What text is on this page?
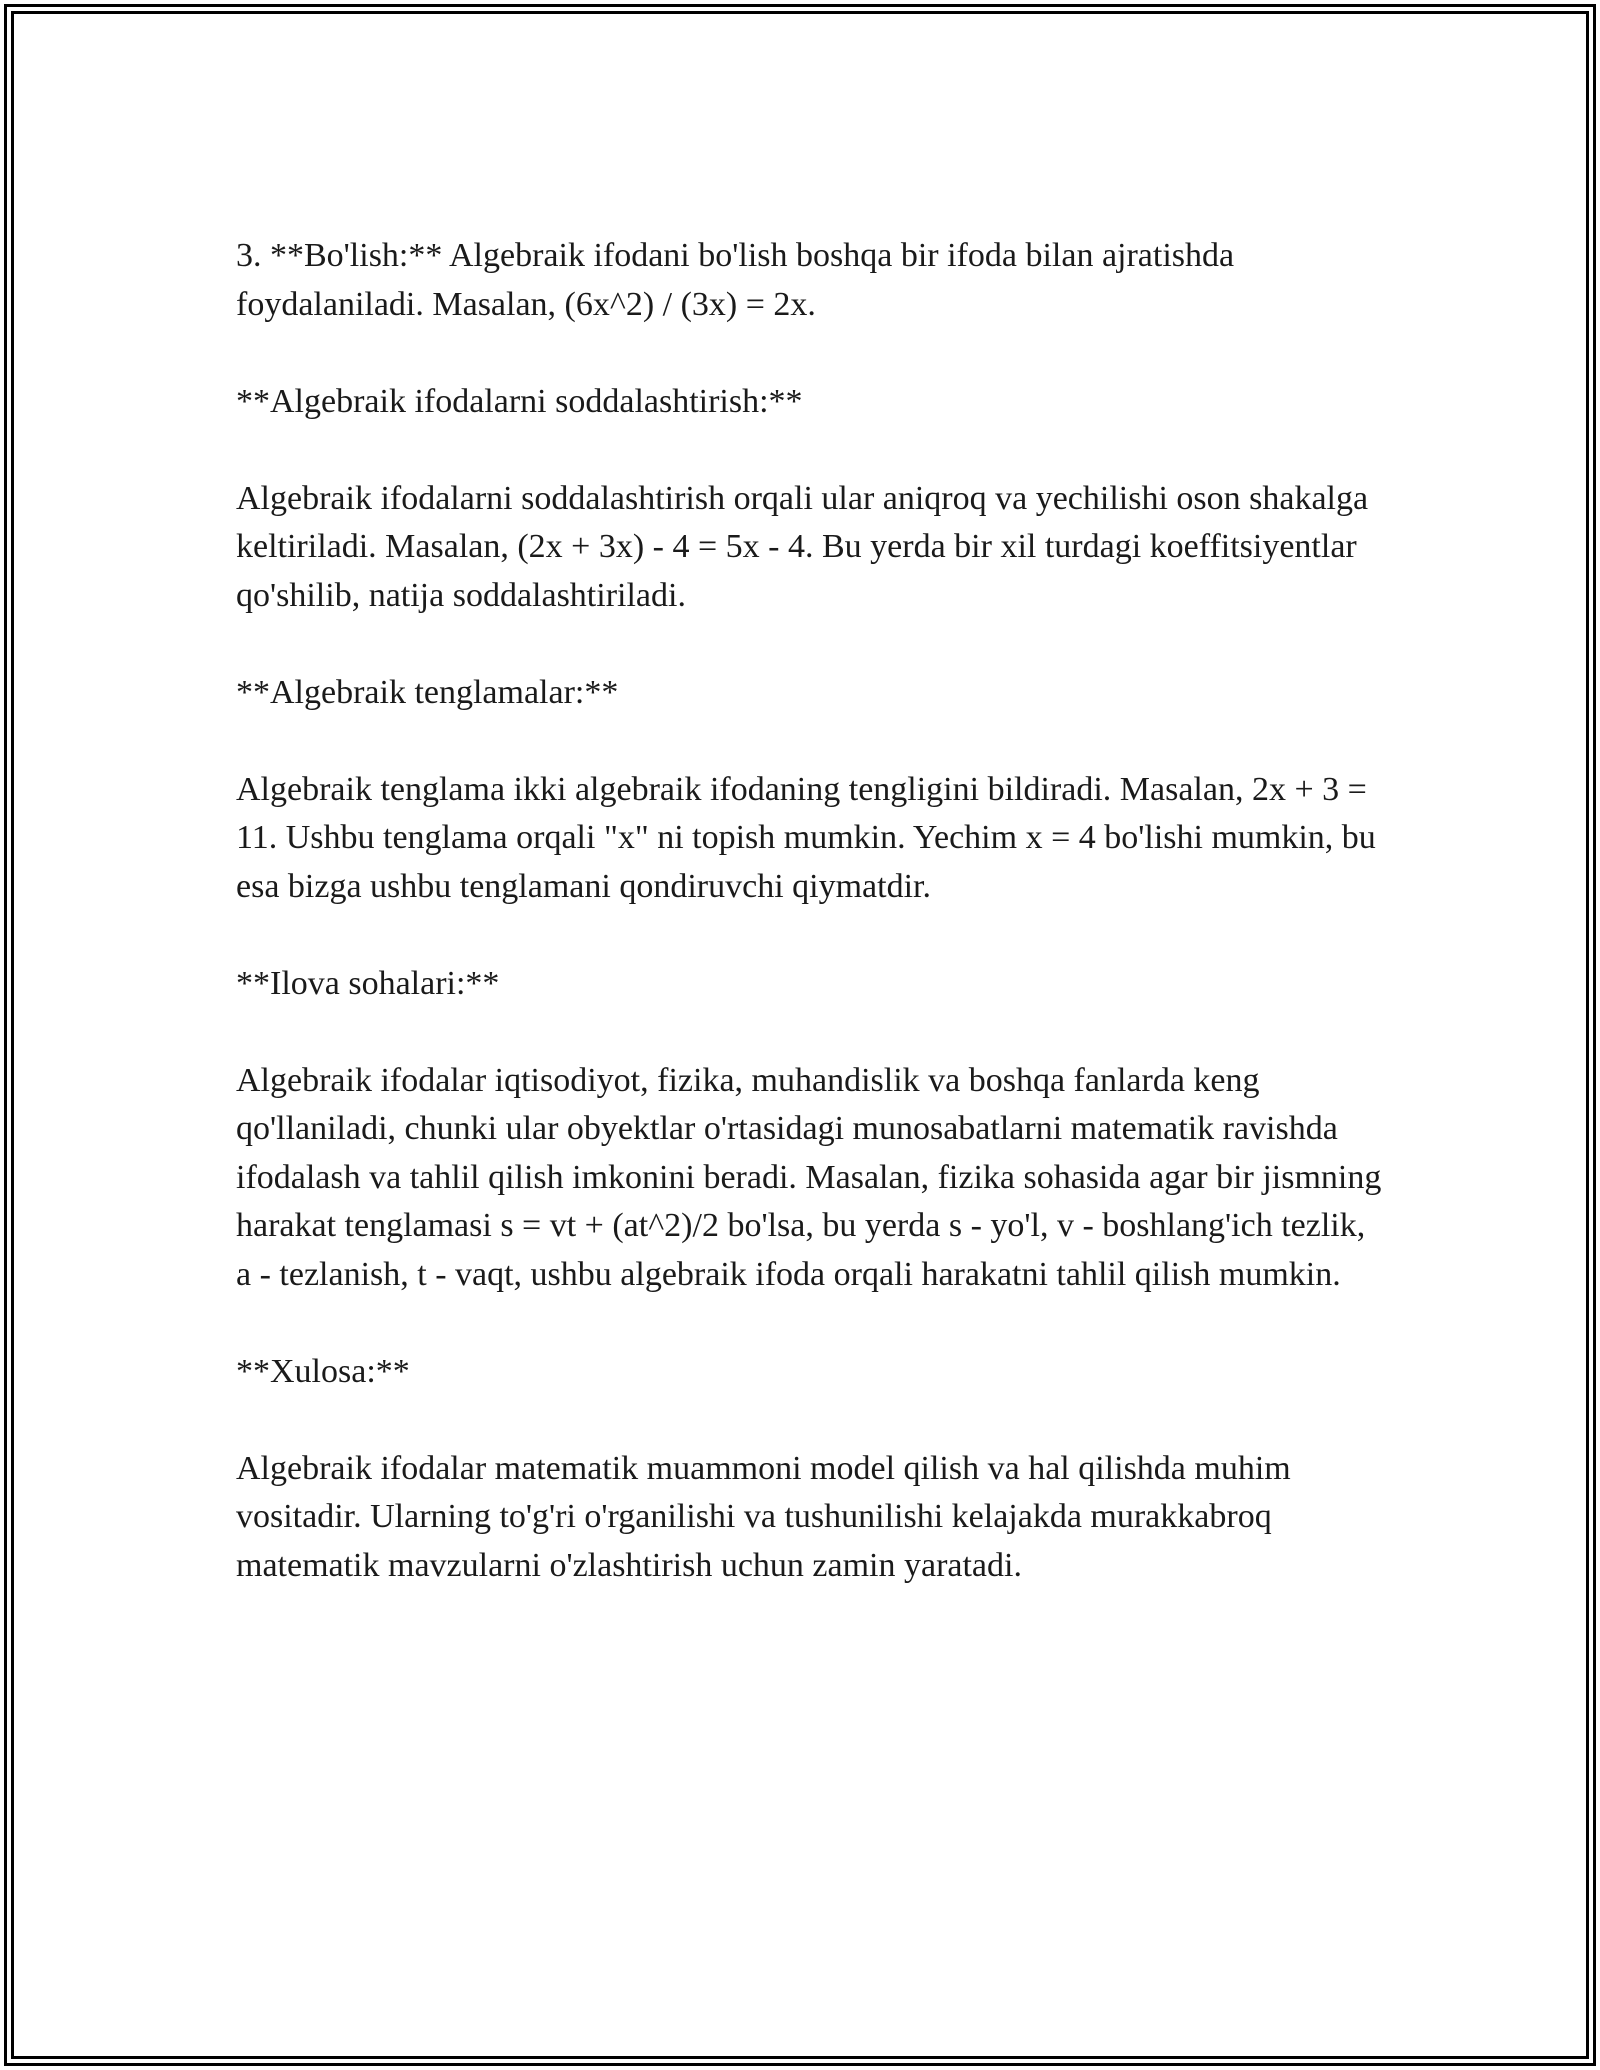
3. **Bo'lish:** Algebraik ifodani bo'lish boshqa bir ifoda bilan ajratishda foydalaniladi. Masalan, (6x^2) / (3x) = 2x.

**Algebraik ifodalarni soddalashtirish:**

Algebraik ifodalarni soddalashtirish orqali ular aniqroq va yechilishi oson shakalga keltiriladi. Masalan, (2x + 3x) - 4 = 5x - 4. Bu yerda bir xil turdagi koeffitsiyentlar qo'shilib, natija soddalashtiriladi.

**Algebraik tenglamalar:**

Algebraik tenglama ikki algebraik ifodaning tengligini bildiradi. Masalan, 2x + 3 = 11. Ushbu tenglama orqali "x" ni topish mumkin. Yechim x = 4 bo'lishi mumkin, bu esa bizga ushbu tenglamani qondiruvchi qiymatdir.

**Ilova sohalari:**

Algebraik ifodalar iqtisodiyot, fizika, muhandislik va boshqa fanlarda keng qo'llaniladi, chunki ular obyektlar o'rtasidagi munosabatlarni matematik ravishda ifodalash va tahlil qilish imkonini beradi. Masalan, fizika sohasida agar bir jismning harakat tenglamasi s = vt + (at^2)/2 bo'lsa, bu yerda s - yo'l, v - boshlang'ich tezlik, a - tezlanish, t - vaqt, ushbu algebraik ifoda orqali harakatni tahlil qilish mumkin.

**Xulosa:**

Algebraik ifodalar matematik muammoni model qilish va hal qilishda muhim vositadir. Ularning to'g'ri o'rganilishi va tushunilishi kelajakda murakkabroq matematik mavzularni o'zlashtirish uchun zamin yaratadi.
